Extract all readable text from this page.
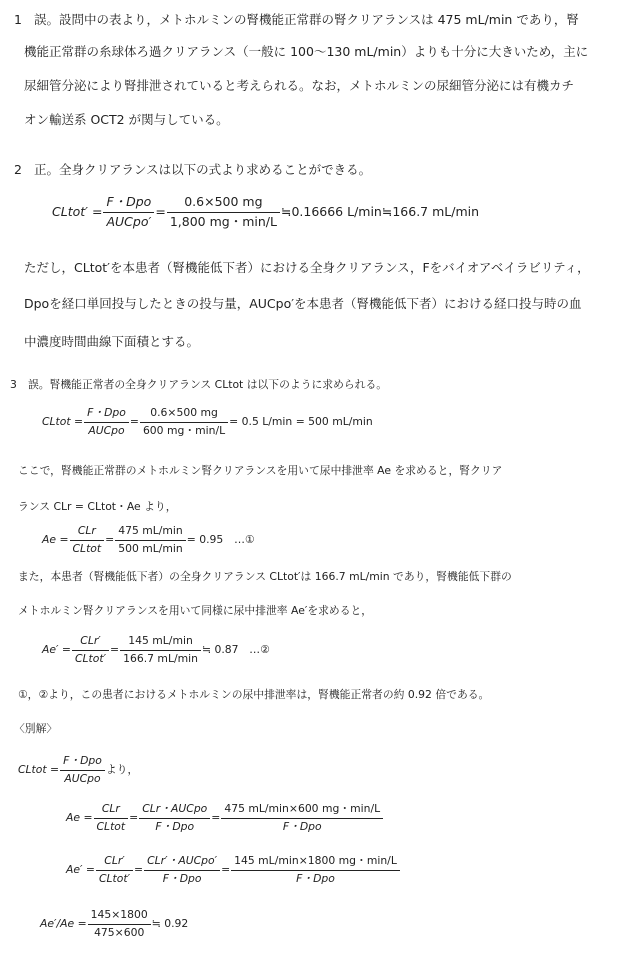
1 誤。設問中の表より，メトホルミンの腎機能正常群の腎クリアランスは 475 mL/min であり，腎
機能正常群の糸球体ろ過クリアランス（一般に 100～130 mL/min）よりも十分に大きいため，主に
尿細管分泌により腎排泄されていると考えられる。なお，メトホルミンの尿細管分泌には有機カチ
オン輸送系 OCT2 が関与している。
2 正。全身クリアランスは以下の式より求めることができる。
CLtot′ = $\frac{\text{F・Dpo}}{\text{AUCpo′}} = \frac{0.6\times 500 mg}{1,800 mg・\min/L}$ ≒0.16666 L/min≒166.7 mL/min
ただし，CLtot′を本患者（腎機能低下者）における全身クリアランス，Fをバイオアベイラビリティ，
Dpoを経口単回投与したときの投与量，AUCpo′を本患者（腎機能低下者）における経口投与時の血
中濃度時間曲線下面積とする。
3 誤。腎機能正常者の全身クリアランス CLtot は以下のように求められる。
CLtot = $\frac{\text{F・Dpo}}{\text{AUCpo}} = \frac{0.6\times 500 mg}{600 mg・\min/L} = 0.5$ L/min = 500 mL/min
ここで，腎機能正常群のメトホルミン腎クリアランスを用いて尿中排泄率 Ae を求めると，腎クリア
ランス CLr = CLtot・Ae より，
$Ae = \frac{\text{CLr}}{\text{CLtot}} = \frac{475 mL/\min}{500 mL/\min} = 0.95$　…①
また，本患者（腎機能低下者）の全身クリアランス CLtot′は 166.7 mL/min であり，腎機能低下群の
メトホルミン腎クリアランスを用いて同様に尿中排泄率 Ae′を求めると，
$Ae' = \frac{\text{CLr′}}{\text{CLtot′}} = \frac{145 mL/\min}{166.7 mL/\min}$ ≒ 0.87　…②
①，②より，この患者におけるメトホルミンの尿中排泄率は，腎機能正常者の約 0.92 倍である。
〈別解〉
CLtot = $\frac{\text{F・Dpo}}{\text{AUCpo}}$ より，
$Ae = \frac{\text{CLr}}{\text{CLtot}} = \frac{\text{CLr・AUCpo}}{\text{F・Dpo}} = \frac{475 mL/\min\times 600 mg・\min/L}{\text{F・Dpo}}$
$Ae' = \frac{\text{CLr′}}{\text{CLtot′}} = \frac{\text{CLr′・AUCpo′}}{\text{F・Dpo}} = \frac{145 mL/\min\times 1800 mg・\min/L}{\text{F・Dpo}}$
$Ae'/Ae = \frac{145\times 1800}{475\times 600}$ ≒ 0.92
